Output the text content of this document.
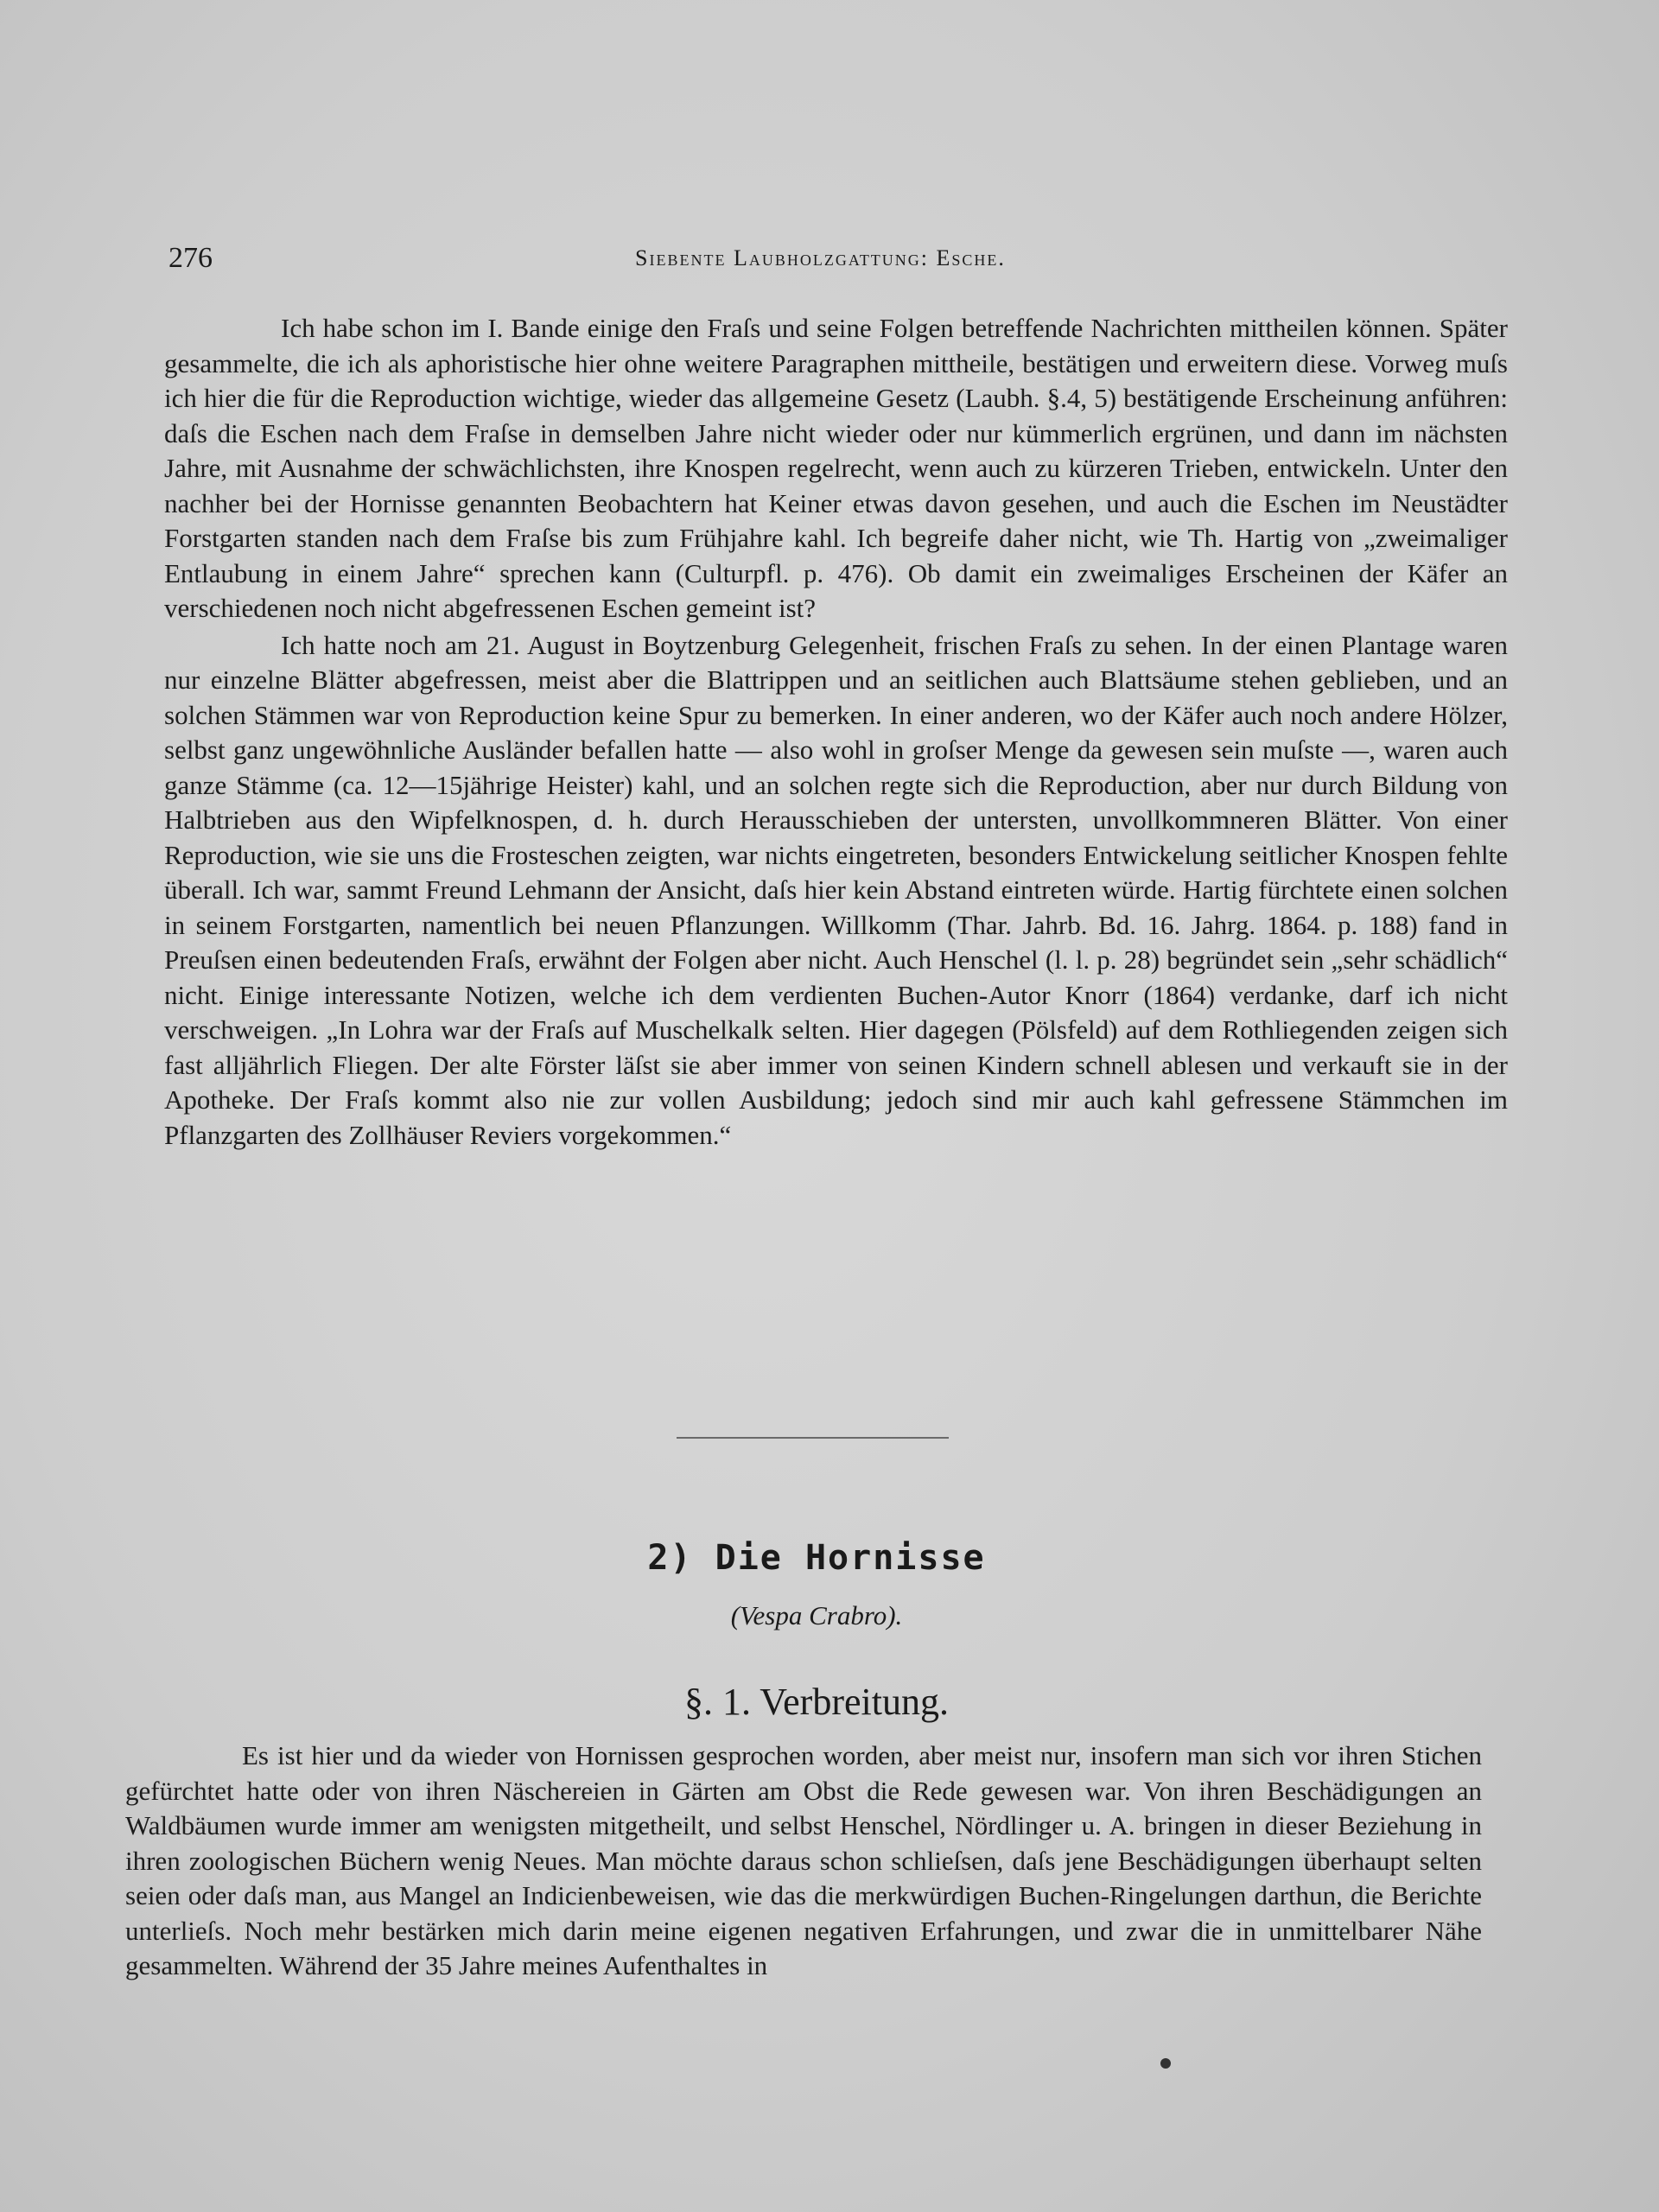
276	Siebente Laubholzgattung: Esche.

Ich habe schon im I. Bande einige den Fraſs und seine Folgen betreffende Nachrichten mittheilen können. Später gesammelte, die ich als aphoristische hier ohne weitere Paragraphen mittheile, bestätigen und erweitern diese. Vorweg muſs ich hier die für die Reproduction wichtige, wieder das allgemeine Gesetz (Laubh. §.4, 5) bestätigende Erscheinung anführen: daſs die Eschen nach dem Fraſse in demselben Jahre nicht wieder oder nur kümmerlich ergrünen, und dann im nächsten Jahre, mit Ausnahme der schwächlichsten, ihre Knospen regelrecht, wenn auch zu kürzeren Trieben, entwickeln. Unter den nachher bei der Hornisse genannten Beobachtern hat Keiner etwas davon gesehen, und auch die Eschen im Neustädter Forstgarten standen nach dem Fraſse bis zum Frühjahre kahl. Ich begreife daher nicht, wie Th. Hartig von „zweimaliger Entlaubung in einem Jahre“ sprechen kann (Culturpfl. p. 476). Ob damit ein zweimaliges Erscheinen der Käfer an verschiedenen noch nicht abgefressenen Eschen gemeint ist?

Ich hatte noch am 21. August in Boytzenburg Gelegenheit, frischen Fraſs zu sehen. In der einen Plantage waren nur einzelne Blätter abgefressen, meist aber die Blattrippen und an seitlichen auch Blattsäume stehen geblieben, und an solchen Stämmen war von Reproduction keine Spur zu bemerken. In einer anderen, wo der Käfer auch noch andere Hölzer, selbst ganz ungewöhnliche Ausländer befallen hatte — also wohl in groſser Menge da gewesen sein muſste —, waren auch ganze Stämme (ca. 12—15jährige Heister) kahl, und an solchen regte sich die Reproduction, aber nur durch Bildung von Halbtrieben aus den Wipfelknospen, d. h. durch Herausschieben der untersten, unvollkommneren Blätter. Von einer Reproduction, wie sie uns die Frosteschen zeigten, war nichts eingetreten, besonders Entwickelung seitlicher Knospen fehlte überall. Ich war, sammt Freund Lehmann der Ansicht, daſs hier kein Abstand eintreten würde. Hartig fürchtete einen solchen in seinem Forstgarten, namentlich bei neuen Pflanzungen. Willkomm (Thar. Jahrb. Bd. 16. Jahrg. 1864. p. 188) fand in Preuſsen einen bedeutenden Fraſs, erwähnt der Folgen aber nicht. Auch Henschel (l. l. p. 28) begründet sein „sehr schädlich“ nicht. Einige interessante Notizen, welche ich dem verdienten Buchen-Autor Knorr (1864) verdanke, darf ich nicht verschweigen. „In Lohra war der Fraſs auf Muschelkalk selten. Hier dagegen (Pölsfeld) auf dem Rothliegenden zeigen sich fast alljährlich Fliegen. Der alte Förster läſst sie aber immer von seinen Kindern schnell ablesen und verkauft sie in der Apotheke. Der Fraſs kommt also nie zur vollen Ausbildung; jedoch sind mir auch kahl gefressene Stämmchen im Pflanzgarten des Zollhäuser Reviers vorgekommen.“

2) Die Hornisse
(Vespa Crabro).
§. 1. Verbreitung.

Es ist hier und da wieder von Hornissen gesprochen worden, aber meist nur, insofern man sich vor ihren Stichen gefürchtet hatte oder von ihren Näschereien in Gärten am Obst die Rede gewesen war. Von ihren Beschädigungen an Waldbäumen wurde immer am wenigsten mitgetheilt, und selbst Henschel, Nördlinger u. A. bringen in dieser Beziehung in ihren zoologischen Büchern wenig Neues. Man möchte daraus schon schlieſsen, daſs jene Beschädigungen überhaupt selten seien oder daſs man, aus Mangel an Indicienbeweisen, wie das die merkwürdigen Buchen-Ringelungen darthun, die Berichte unterlieſs. Noch mehr bestärken mich darin meine eigenen negativen Erfahrungen, und zwar die in unmittelbarer Nähe gesammelten. Während der 35 Jahre meines Aufenthaltes in
